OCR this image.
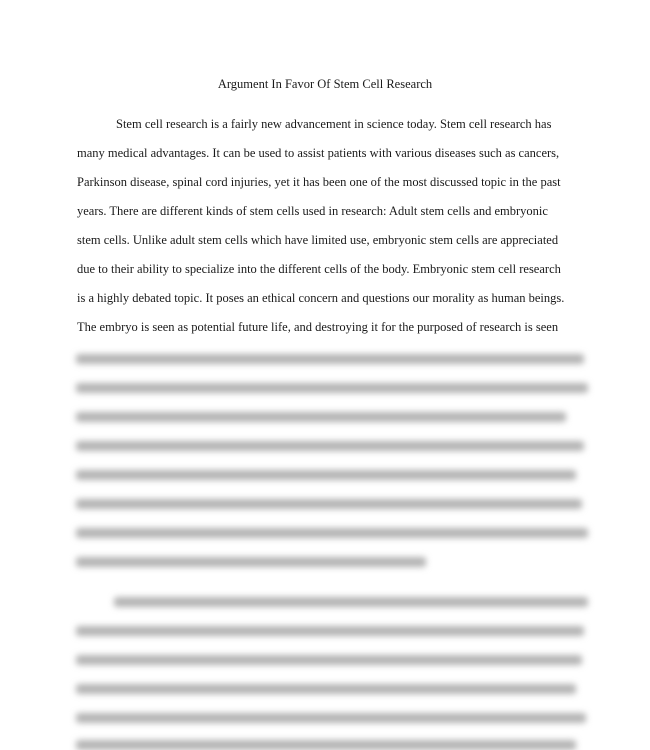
Argument In Favor Of Stem Cell Research
Stem cell research is a fairly new advancement in science today. Stem cell research has
many medical advantages. It can be used to assist patients with various diseases such as cancers,
Parkinson disease, spinal cord injuries, yet it has been one of the most discussed topic in the past
years. There are different kinds of stem cells used in research: Adult stem cells and embryonic
stem cells. Unlike adult stem cells which have limited use, embryonic stem cells are appreciated
due to their ability to specialize into the different cells of the body. Embryonic stem cell research
is a highly debated topic. It poses an ethical concern and questions our morality as human beings.
The embryo is seen as potential future life, and destroying it for the purposed of research is seen
